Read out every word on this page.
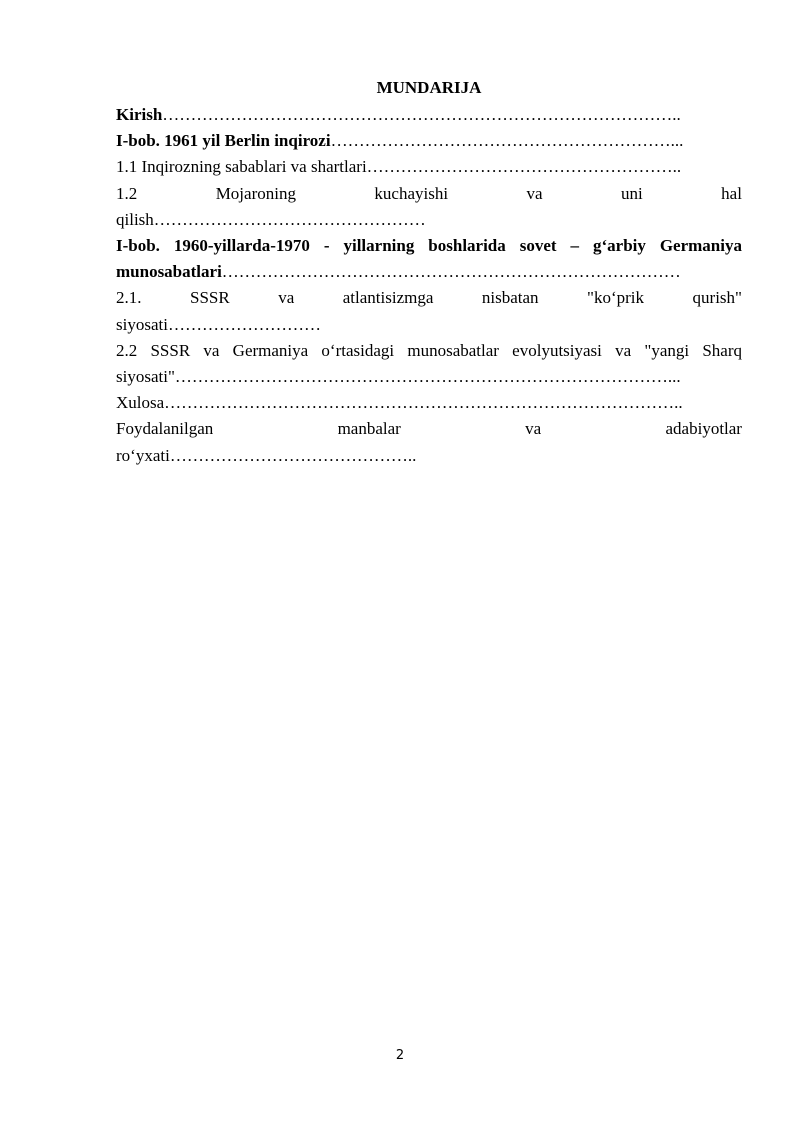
MUNDARIJA
Kirish………………………………………………………………………………..
I-bob. 1961 yil Berlin inqirozi……………………………………………………...
1.1 Inqirozning sabablari va shartlari………………………………………………..
1.2	Mojaroning	kuchayishi	va	uni	hal
qilish…………………………………………
I-bob. 1960-yillarda-1970 - yillarning boshlarida sovet – g‘arbiy Germaniya
munosabatlari………………………………………………………………………
2.1.	SSSR	va	atlantisizmga	nisbatan	"ko‘prik	qurish"
siyosati………………………
2.2 SSSR va Germaniya o‘rtasidagi munosabatlar evolyutsiyasi va "yangi Sharq
siyosati"……………………………………………………………………………...
Xulosa………………………………………………………………………………..
Foydalanilgan	manbalar	va	adabiyotlar
ro‘yxati……………………………………..
2
